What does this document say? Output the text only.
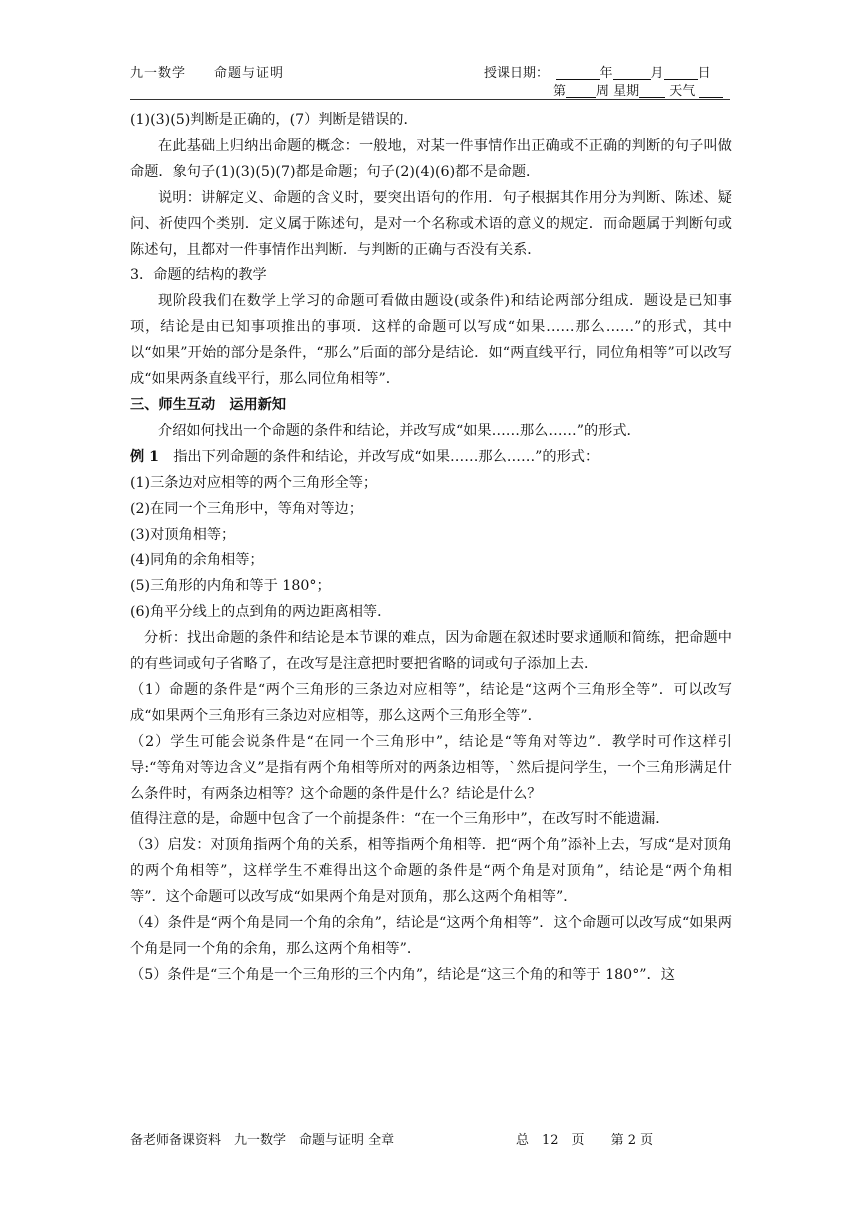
九一数学　　 命题与证明	授课日期：　	年	月	日
第 周 星期 天气

(1)(3)(5)判断是正确的，(7）判断是错误的．

在此基础上归纳出命题的概念：一般地，对某一件事情作出正确或不正确的判断的句子叫做命题．象句子(1)(3)(5)(7)都是命题；句子(2)(4)(6)都不是命题．

说明：讲解定义、命题的含义时，要突出语句的作用．句子根据其作用分为判断、陈述、疑问、祈使四个类别．定义属于陈述句，是对一个名称或术语的意义的规定．而命题属于判断句或陈述句，且都对一件事情作出判断．与判断的正确与否没有关系．

3．命题的结构的教学

现阶段我们在数学上学习的命题可看做由题设(或条件)和结论两部分组成．题设是已知事项，结论是由已知事项推出的事项．这样的命题可以写成“如果……那么……”的形式，其中以“如果”开始的部分是条件，“那么”后面的部分是结论．如“两直线平行，同位角相等”可以改写成“如果两条直线平行，那么同位角相等”．

三、师生互动　运用新知

介绍如何找出一个命题的条件和结论，并改写成“如果……那么……”的形式．

例 1　指出下列命题的条件和结论，并改写成“如果……那么……”的形式：

(1)三条边对应相等的两个三角形全等；

(2)在同一个三角形中，等角对等边；

(3)对顶角相等；

(4)同角的余角相等；

(5)三角形的内角和等于 180°；

(6)角平分线上的点到角的两边距离相等．

分析：找出命题的条件和结论是本节课的难点，因为命题在叙述时要求通顺和简练，把命题中的有些词或句子省略了，在改写是注意把时要把省略的词或句子添加上去．

（1）命题的条件是“两个三角形的三条边对应相等”，结论是“这两个三角形全等”．可以改写成“如果两个三角形有三条边对应相等，那么这两个三角形全等”．

（2）学生可能会说条件是“在同一个三角形中”，结论是“等角对等边”．教学时可作这样引导:“等角对等边含义”是指有两个角相等所对的两条边相等，`然后提问学生，一个三角形满足什么条件时，有两条边相等？这个命题的条件是什么？结论是什么？

值得注意的是，命题中包含了一个前提条件：“在一个三角形中”，在改写时不能遗漏．

（3）启发：对顶角指两个角的关系，相等指两个角相等．把“两个角”添补上去，写成“是对顶角的两个角相等”，这样学生不难得出这个命题的条件是“两个角是对顶角”，结论是“两个角相等”．这个命题可以改写成“如果两个角是对顶角，那么这两个角相等”．

（4）条件是“两个角是同一个角的余角”，结论是“这两个角相等”．这个命题可以改写成“如果两个角是同一个角的余角，那么这两个角相等”．

（5）条件是“三个角是一个三角形的三个内角”，结论是“这三个角的和等于 180°”．这

备老师备课资料　九一数学　命题与证明 全章	总　12　页　　 第 2 页
